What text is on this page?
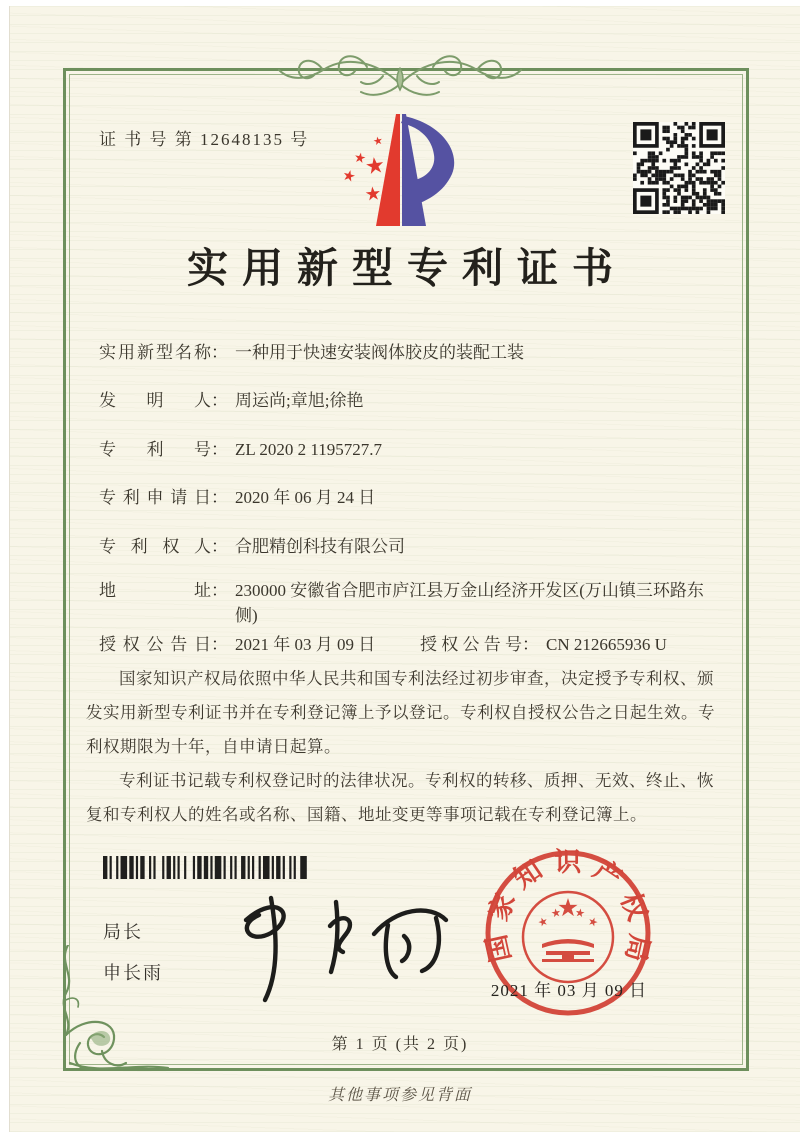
证 书 号 第 12648135 号
实用新型专利证书
实用新型名称 ： 一种用于快速安装阀体胶皮的装配工装
发明人 ： 周运尚;章旭;徐艳
专利号 ： ZL 2020 2 1195727.7
专利申请日 ： 2020 年 06 月 24 日
专利权人 ： 合肥精创科技有限公司
地址 ： 230000 安徽省合肥市庐江县万金山经济开发区(万山镇三环路东侧)
授权公告日 ： 2021 年 03 月 09 日	授权公告号 ： CN 212665936 U

国家知识产权局依照中华人民共和国专利法经过初步审查，决定授予专利权、颁发实用新型专利证书并在专利登记簿上予以登记。专利权自授权公告之日起生效。专利权期限为十年，自申请日起算。

专利证书记载专利权登记时的法律状况。专利权的转移、质押、无效、终止、恢复和专利权人的姓名或名称、国籍、地址变更等事项记载在专利登记簿上。

局长
申长雨
国家知识产权局
2021 年 03 月 09 日
第 1 页 (共 2 页)
其他事项参见背面
